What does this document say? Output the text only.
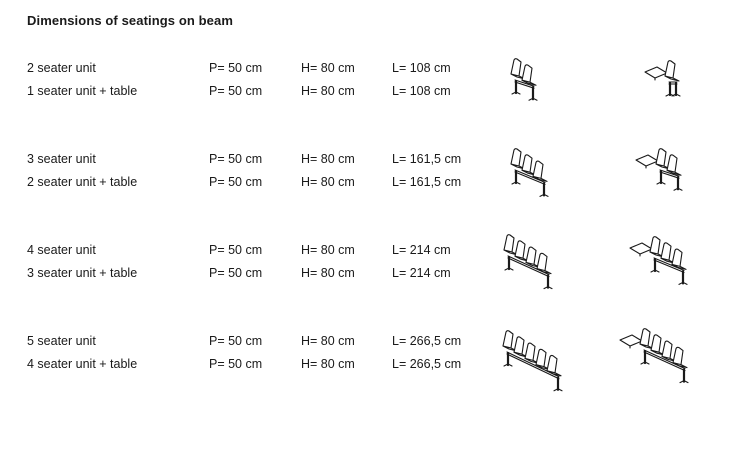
Dimensions of seatings on beam
2 seater unit	P= 50 cm	H= 80 cm	L= 108 cm
1 seater unit + table	P= 50 cm	H= 80 cm	L= 108 cm
3 seater unit	P= 50 cm	H= 80 cm	L= 161,5 cm
2 seater unit + table	P= 50 cm	H= 80 cm	L= 161,5 cm
4 seater unit	P= 50 cm	H= 80 cm	L= 214 cm
3 seater unit + table	P= 50 cm	H= 80 cm	L= 214 cm
5 seater unit	P= 50 cm	H= 80 cm	L= 266,5 cm
4 seater unit + table	P= 50 cm	H= 80 cm	L= 266,5 cm
